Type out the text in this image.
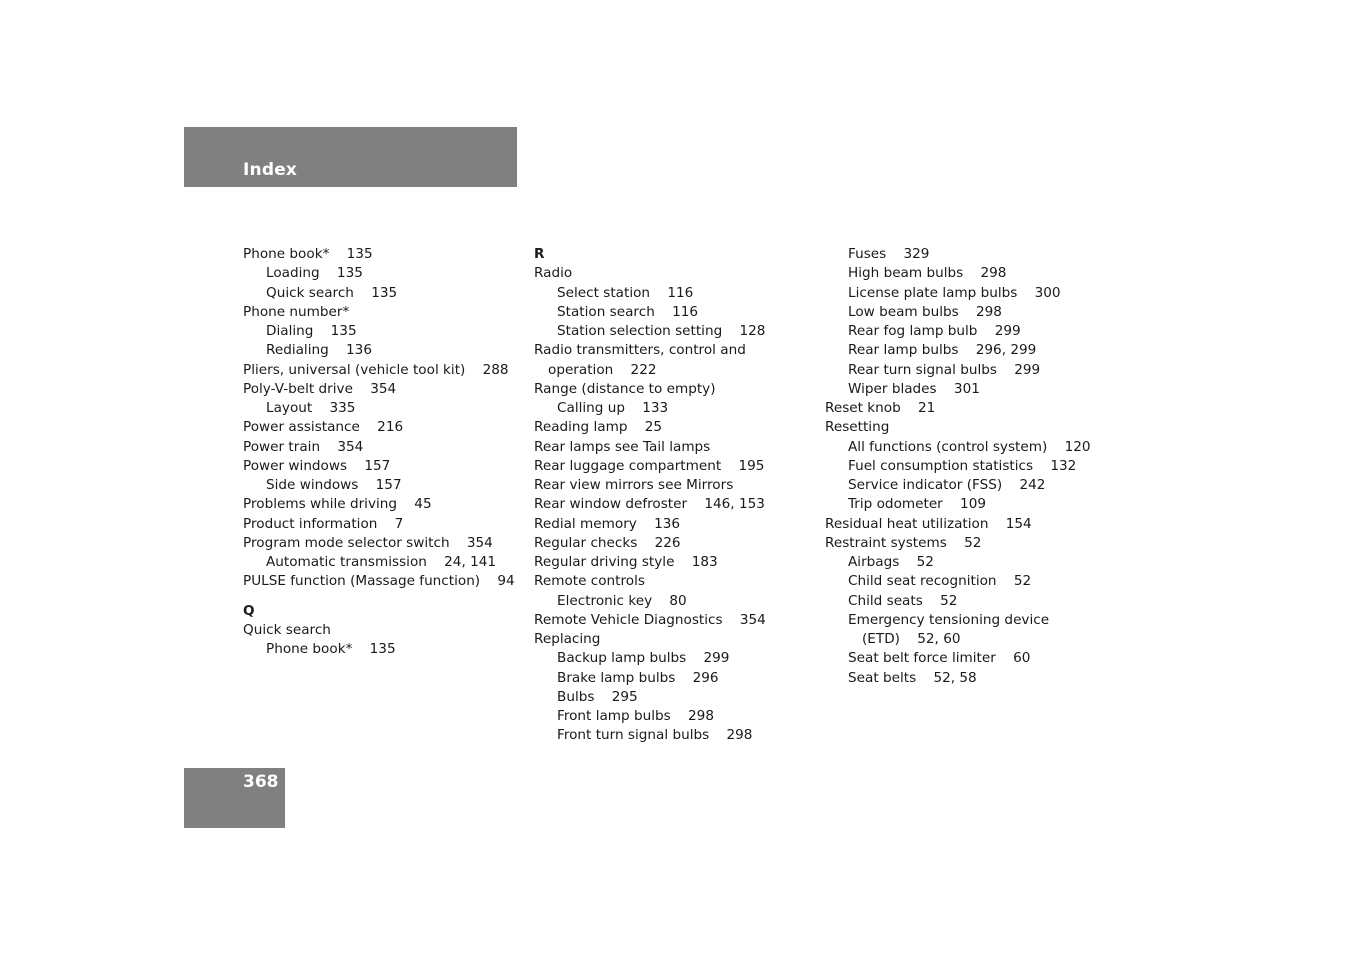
Index
Phone book*    135
Loading    135
Quick search    135
Phone number*
Dialing    135
Redialing    136
Pliers, universal (vehicle tool kit)    288
Poly-V-belt drive    354
Layout    335
Power assistance    216
Power train    354
Power windows    157
Side windows    157
Problems while driving    45
Product information    7
Program mode selector switch    354
Automatic transmission    24, 141
PULSE function (Massage function)    94
Q
Quick search
Phone book*    135
R
Radio
Select station    116
Station search    116
Station selection setting    128
Radio transmitters, control and
operation    222
Range (distance to empty)
Calling up    133
Reading lamp    25
Rear lamps see Tail lamps
Rear luggage compartment    195
Rear view mirrors see Mirrors
Rear window defroster    146, 153
Redial memory    136
Regular checks    226
Regular driving style    183
Remote controls
Electronic key    80
Remote Vehicle Diagnostics    354
Replacing
Backup lamp bulbs    299
Brake lamp bulbs    296
Bulbs    295
Front lamp bulbs    298
Front turn signal bulbs    298
Fuses    329
High beam bulbs    298
License plate lamp bulbs    300
Low beam bulbs    298
Rear fog lamp bulb    299
Rear lamp bulbs    296, 299
Rear turn signal bulbs    299
Wiper blades    301
Reset knob    21
Resetting
All functions (control system)    120
Fuel consumption statistics    132
Service indicator (FSS)    242
Trip odometer    109
Residual heat utilization    154
Restraint systems    52
Airbags    52
Child seat recognition    52
Child seats    52
Emergency tensioning device
(ETD)    52, 60
Seat belt force limiter    60
Seat belts    52, 58
368
